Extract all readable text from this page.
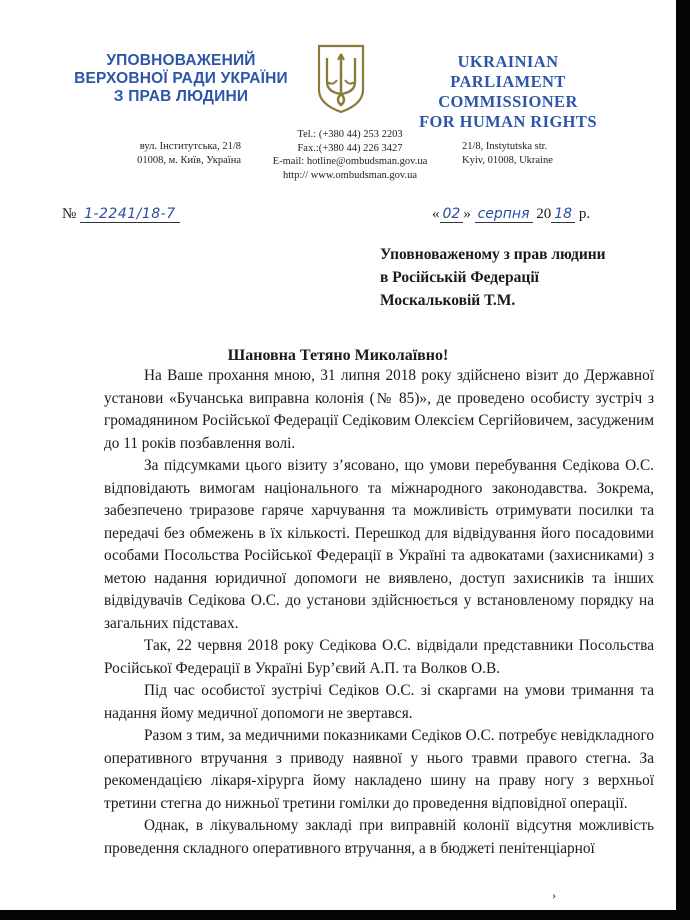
УПОВНОВАЖЕНИЙ
ВЕРХОВНОЇ РАДИ УКРАЇНИ
З ПРАВ ЛЮДИНИ
UKRAINIAN
PARLIAMENT COMMISSIONER
FOR HUMAN RIGHTS
вул. Інститутська, 21/8
01008, м. Київ, Україна
Tel.: (+380 44) 253 2203
Fax.:(+380 44) 226 3427
E-mail: hotline@ombudsman.gov.ua
http:// www.ombudsman.gov.ua
21/8, Instytutska str.
Kyiv, 01008, Ukraine
№ 1-2241/18-7	« 02 » серпня 20 18 р.
Уповноваженому з прав людини
в Російській Федерації
Москальковій Т.М.
Шановна Тетяно Миколаївно!

На Ваше прохання мною, 31 липня 2018 року здійснено візит до Державної установи «Бучанська виправна колонія (№ 85)», де проведено особисту зустріч з громадянином Російської Федерації Седіковим Олексієм Сергійовичем, засудженим до 11 років позбавлення волі.

За підсумками цього візиту з’ясовано, що умови перебування Седікова О.С. відповідають вимогам національного та міжнародного законодавства. Зокрема, забезпечено триразове гаряче харчування та можливість отримувати посилки та передачі без обмежень в їх кількості. Перешкод для відвідування його посадовими особами Посольства Російської Федерації в Україні та адвокатами (захисниками) з метою надання юридичної допомоги не виявлено, доступ захисників та інших відвідувачів Седікова О.С. до установи здійснюється у встановленому порядку на загальних підставах.

Так, 22 червня 2018 року Седікова О.С. відвідали представники Посольства Російської Федерації в Україні Бур’євий А.П. та Волков О.В.

Під час особистої зустрічі Седіков О.С. зі скаргами на умови тримання та надання йому медичної допомоги не звертався.

Разом з тим, за медичними показниками Седіков О.С. потребує невідкладного оперативного втручання з приводу наявної у нього травми правого стегна. За рекомендацією лікаря-хірурга йому накладено шину на праву ногу з верхньої третини стегна до нижньої третини гомілки до проведення відповідної операції.

Однак, в лікувальному закладі при виправній колонії відсутня можливість проведення складного оперативного втручання, а в бюджеті пенітенціарної

›
